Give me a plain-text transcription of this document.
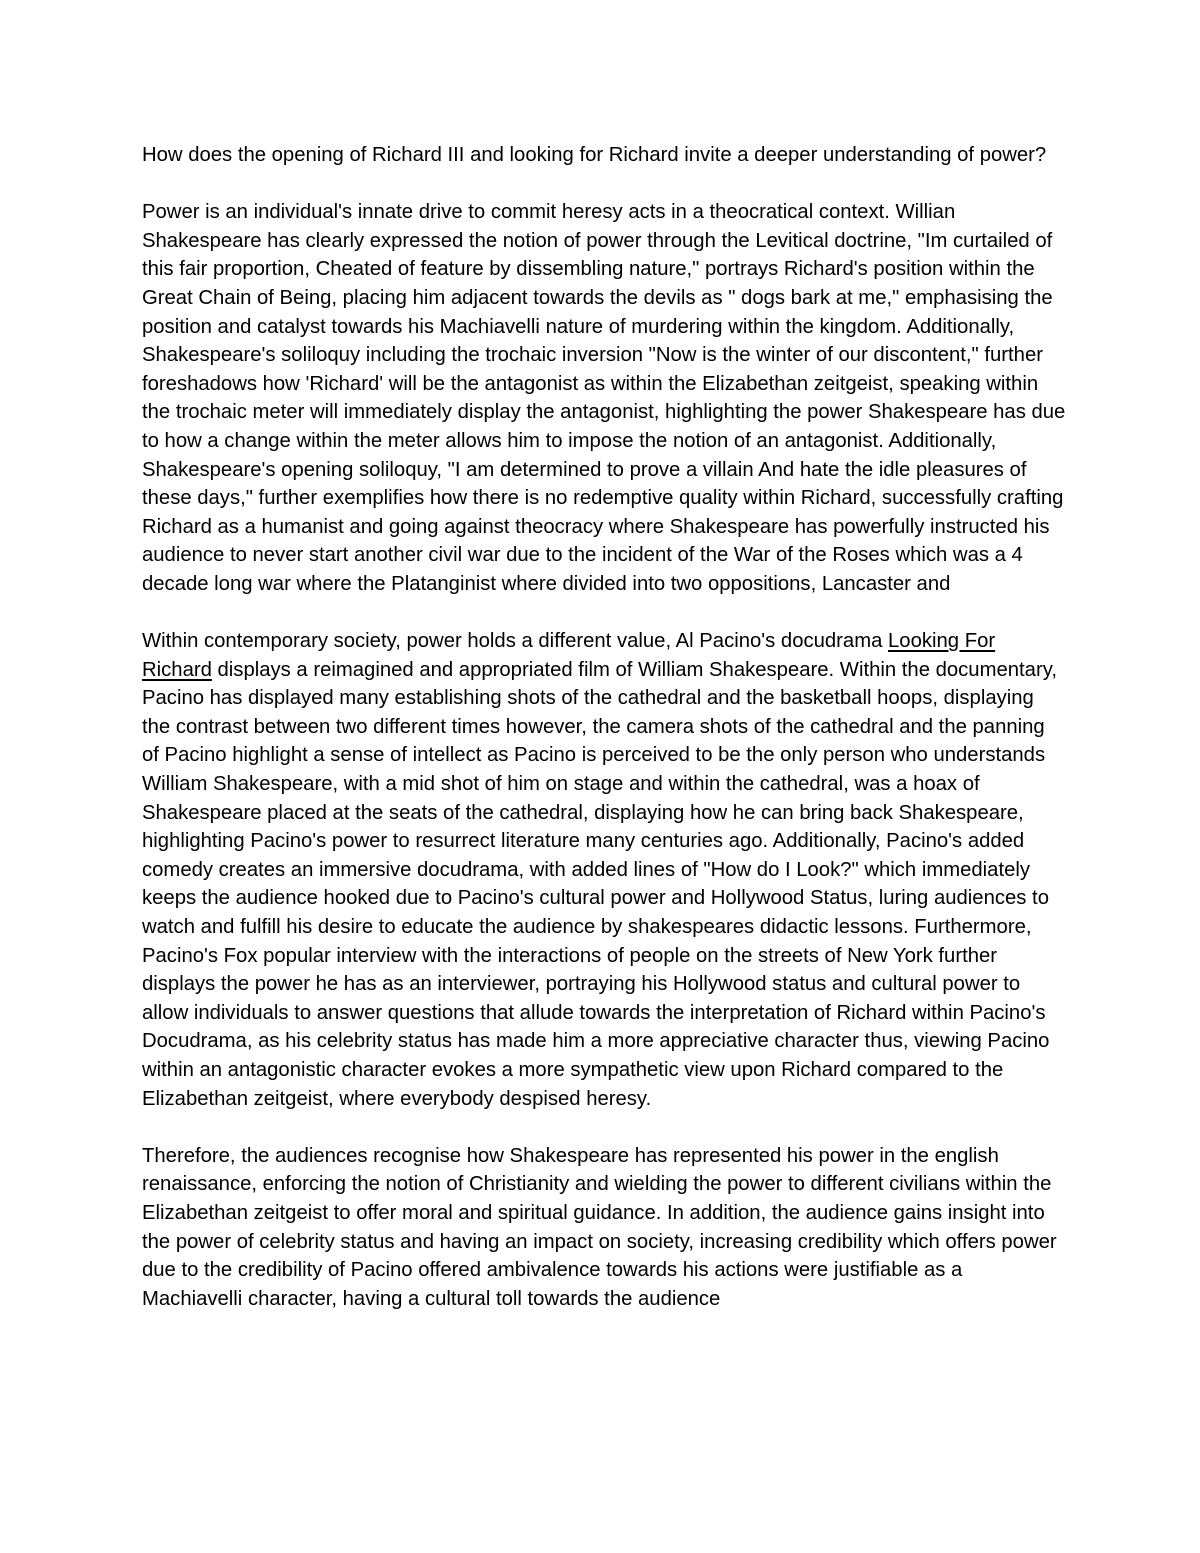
How does the opening of Richard III and looking for Richard invite a deeper understanding of power?

Power is an individual's innate drive to commit heresy acts in a theocratical context. Willian Shakespeare has clearly expressed the notion of power through the Levitical doctrine, "Im curtailed of this fair proportion, Cheated of feature by dissembling nature," portrays Richard's position within the Great Chain of Being, placing him adjacent towards the devils as " dogs bark at me," emphasising the position and catalyst towards his Machiavelli nature of murdering within the kingdom. Additionally, Shakespeare's soliloquy including the trochaic inversion "Now is the winter of our discontent," further foreshadows how 'Richard' will be the antagonist as within the Elizabethan zeitgeist, speaking within the trochaic meter will immediately display the antagonist, highlighting the power Shakespeare has due to how a change within the meter allows him to impose the notion of an antagonist. Additionally, Shakespeare's opening soliloquy, "I am determined to prove a villain And hate the idle pleasures of these days," further exemplifies how there is no redemptive quality within Richard, successfully crafting Richard as a humanist and going against theocracy where Shakespeare has powerfully instructed his audience to never start another civil war due to the incident of the War of the Roses which was a 4 decade long war where the Platanginist where divided into two oppositions, Lancaster and

Within contemporary society, power holds a different value, Al Pacino's docudrama Looking For Richard displays a reimagined and appropriated film of William Shakespeare. Within the documentary, Pacino has displayed many establishing shots of the cathedral and the basketball hoops, displaying the contrast between two different times however, the camera shots of the cathedral and the panning of Pacino highlight a sense of intellect as Pacino is perceived to be the only person who understands William Shakespeare, with a mid shot of him on stage and within the cathedral, was a hoax of Shakespeare placed at the seats of the cathedral, displaying how he can bring back Shakespeare, highlighting Pacino's power to resurrect literature many centuries ago. Additionally, Pacino's added comedy creates an immersive docudrama, with added lines of "How do I Look?" which immediately keeps the audience hooked due to Pacino's cultural power and Hollywood Status, luring audiences to watch and fulfill his desire to educate the audience by shakespeares didactic lessons. Furthermore, Pacino's Fox popular interview with the interactions of people on the streets of New York further displays the power he has as an interviewer, portraying his Hollywood status and cultural power to allow individuals to answer questions that allude towards the interpretation of Richard within Pacino's Docudrama, as his celebrity status has made him a more appreciative character thus, viewing Pacino within an antagonistic character evokes a more sympathetic view upon Richard compared to the Elizabethan zeitgeist, where everybody despised heresy.

Therefore, the audiences recognise how Shakespeare has represented his power in the english renaissance, enforcing the notion of Christianity and wielding the power to different civilians within the Elizabethan zeitgeist to offer moral and spiritual guidance. In addition, the audience gains insight into the power of celebrity status and having an impact on society, increasing credibility which offers power due to the credibility of Pacino offered ambivalence towards his actions were justifiable as a Machiavelli character, having a cultural toll towards the audience
